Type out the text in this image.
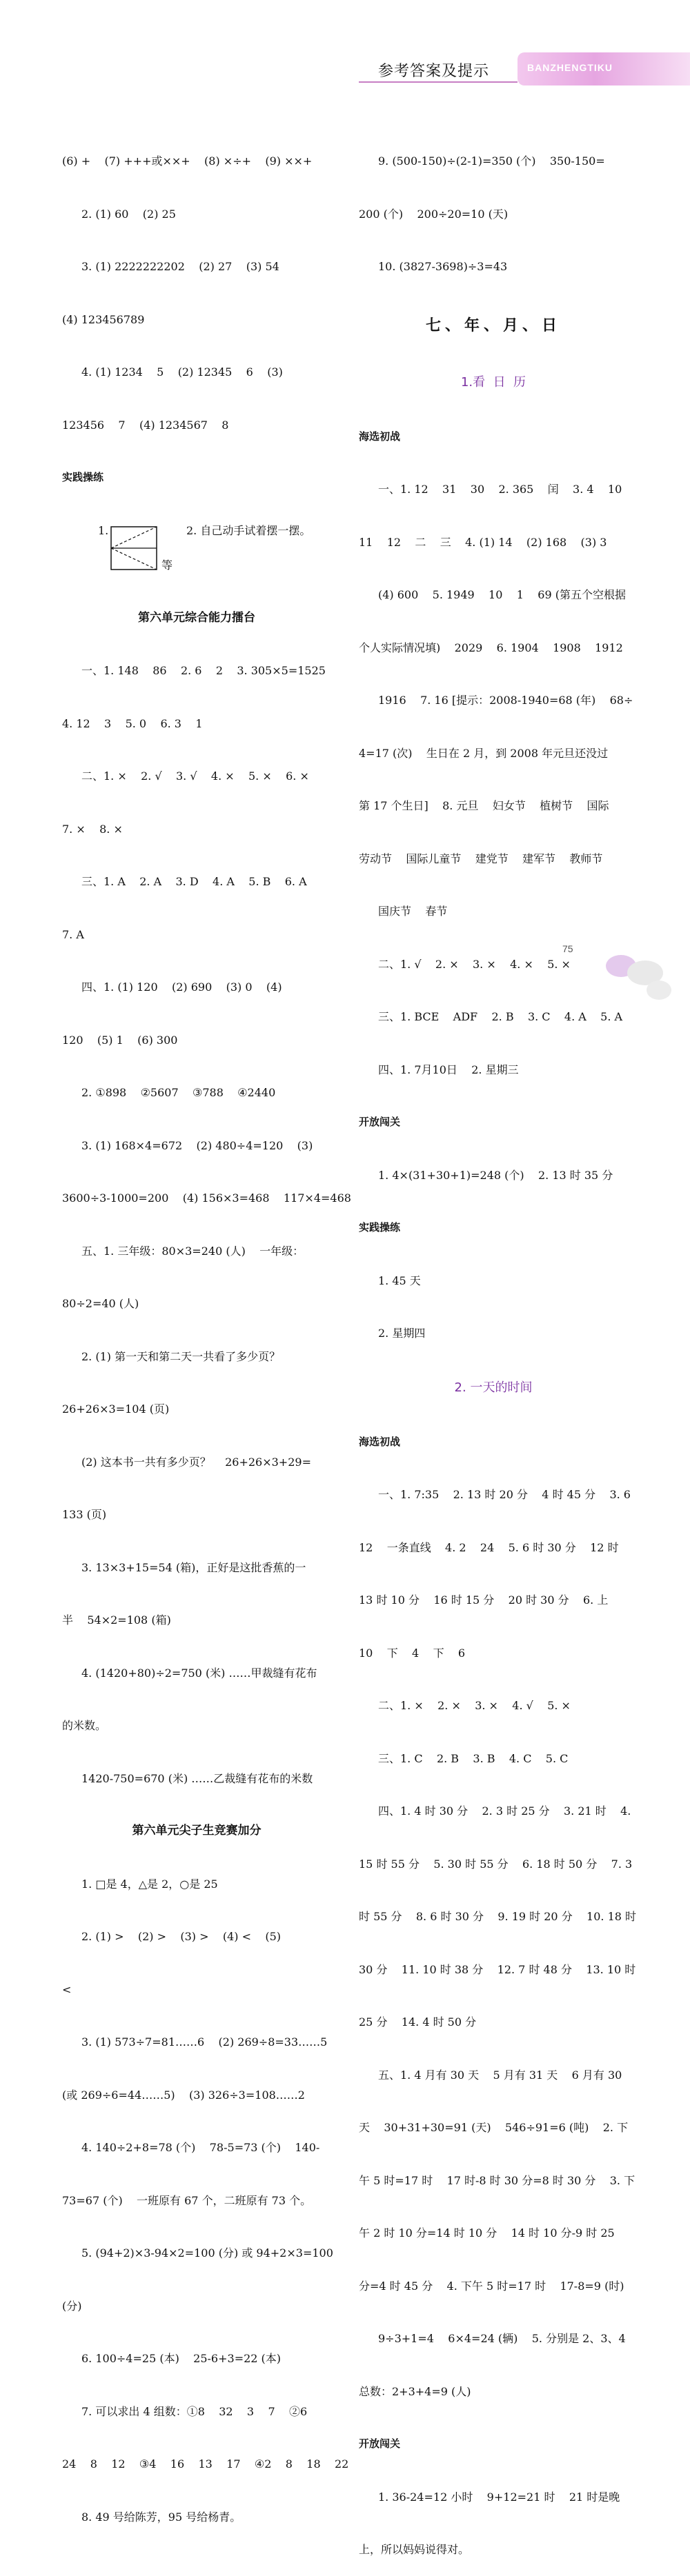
参考答案及提示	BANZHENGTIKU

(6) +    (7) +++或××+    (8) ×÷+    (9) ××+

2. (1) 60    (2) 25

3. (1) 2222222202    (2) 27    (3) 54

(4) 123456789

4. (1) 1234    5    (2) 12345    6    (3)

123456    7    (4) 1234567    8

实践操练

1.

等

2. 自己动手试着摆一摆。

第六单元综合能力擂台

一、1. 148    86    2. 6    2    3. 305×5=1525

4. 12    3    5. 0    6. 3    1

二、1. ×    2. √    3. √    4. ×    5. ×    6. ×

7. ×    8. ×

三、1. A    2. A    3. D    4. A    5. B    6. A

7. A

四、1. (1) 120    (2) 690    (3) 0    (4)

120    (5) 1    (6) 300

2. ①898    ②5607    ③788    ④2440

3. (1) 168×4=672    (2) 480÷4=120    (3)

3600÷3-1000=200    (4) 156×3=468    117×4=468

五、1. 三年级：80×3=240 (人)    一年级：

80÷2=40 (人)

2. (1) 第一天和第二天一共看了多少页？

26+26×3=104 (页)

(2) 这本书一共有多少页？    26+26×3+29=

133 (页)

3. 13×3+15=54 (箱)，正好是这批香蕉的一

半    54×2=108 (箱)

4. (1420+80)÷2=750 (米) ……甲裁缝有花布

的米数。

1420-750=670 (米) ……乙裁缝有花布的米数

第六单元尖子生竞赛加分

1. □是 4，△是 2，○是 25

2. (1) >    (2) >    (3) >    (4) <    (5)

<

3. (1) 573÷7=81……6    (2) 269÷8=33……5

(或 269÷6=44……5)    (3) 326÷3=108……2

4. 140÷2+8=78 (个)    78-5=73 (个)    140-

73=67 (个)    一班原有 67 个，二班原有 73 个。

5. (94+2)×3-94×2=100 (分) 或 94+2×3=100

(分)

6. 100÷4=25 (本)    25-6+3=22 (本)

7. 可以求出 4 组数：①8    32    3    7    ②6

24    8    12    ③4    16    13    17    ④2    8    18    22

8. 49 号给陈芳，95 号给杨青。

9. (500-150)÷(2-1)=350 (个)    350-150=

200 (个)    200÷20=10 (天)

10. (3827-3698)÷3=43

七、年、月、日

1.看  日  历

海选初战

一、1. 12    31    30    2. 365    闰    3. 4    10

11    12    二    三    4. (1) 14    (2) 168    (3) 3

(4) 600    5. 1949    10    1    69 (第五个空根据

个人实际情况填)    2029    6. 1904    1908    1912

1916    7. 16 [提示：2008-1940=68 (年)    68÷

4=17 (次)    生日在 2 月，到 2008 年元旦还没过

第 17 个生日]    8. 元旦    妇女节    植树节    国际

劳动节    国际儿童节    建党节    建军节    教师节

国庆节    春节

二、1. √    2. ×    3. ×    4. ×    5. ×

三、1. BCE    ADF    2. B    3. C    4. A    5. A

四、1. 7月10日    2. 星期三

开放闯关

1. 4×(31+30+1)=248 (个)    2. 13 时 35 分

实践操练

1. 45 天

2. 星期四

2. 一天的时间

海选初战

一、1. 7:35    2. 13 时 20 分    4 时 45 分    3. 6

12    一条直线    4. 2    24    5. 6 时 30 分    12 时

13 时 10 分    16 时 15 分    20 时 30 分    6. 上

10    下    4    下    6

二、1. ×    2. ×    3. ×    4. √    5. ×

三、1. C    2. B    3. B    4. C    5. C

四、1. 4 时 30 分    2. 3 时 25 分    3. 21 时    4.

15 时 55 分    5. 30 时 55 分    6. 18 时 50 分    7. 3

时 55 分    8. 6 时 30 分    9. 19 时 20 分    10. 18 时

30 分    11. 10 时 38 分    12. 7 时 48 分    13. 10 时

25 分    14. 4 时 50 分

五、1. 4 月有 30 天    5 月有 31 天    6 月有 30

天    30+31+30=91 (天)    546÷91=6 (吨)    2. 下

午 5 时=17 时    17 时-8 时 30 分=8 时 30 分    3. 下

午 2 时 10 分=14 时 10 分    14 时 10 分-9 时 25

分=4 时 45 分    4. 下午 5 时=17 时    17-8=9 (时)

9÷3+1=4    6×4=24 (辆)    5. 分别是 2、3、4

总数：2+3+4=9 (人)

开放闯关

1. 36-24=12 小时    9+12=21 时    21 时是晚

上，所以妈妈说得对。

75
